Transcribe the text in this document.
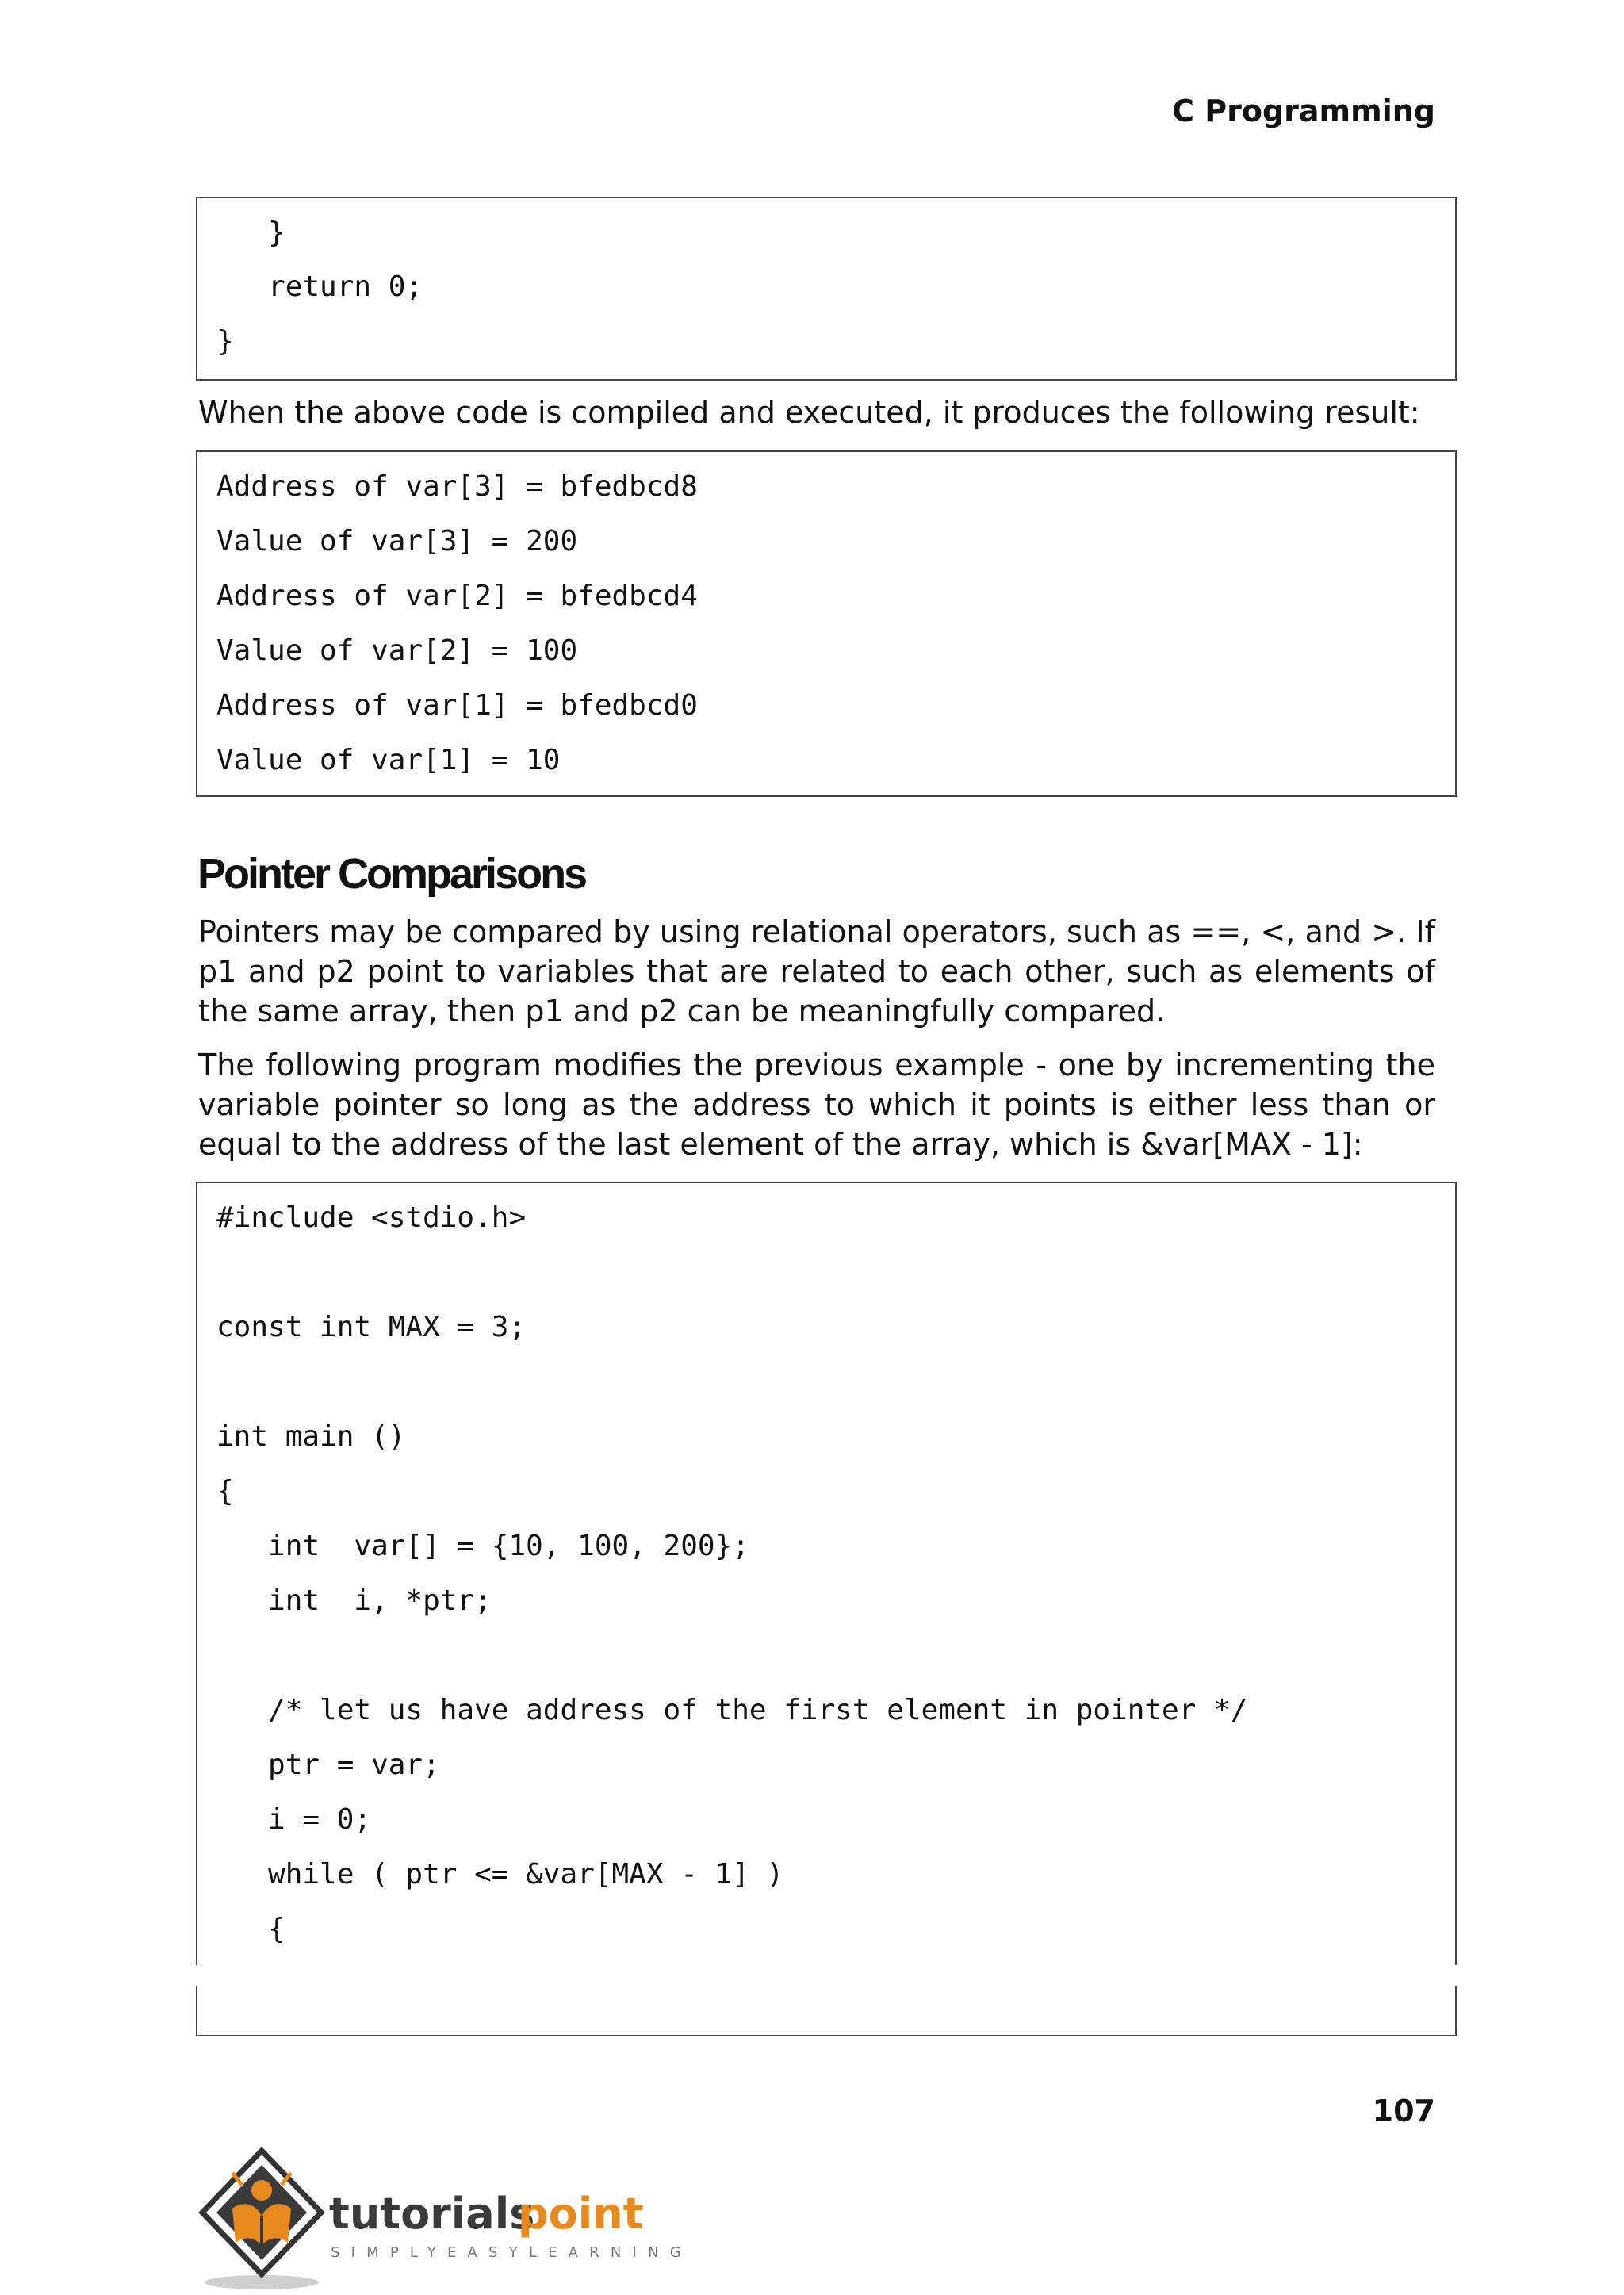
C Programming
}
return 0;
}
When the above code is compiled and executed, it produces the following result:
Address of var[3] = bfedbcd8
Value of var[3] = 200
Address of var[2] = bfedbcd4
Value of var[2] = 100
Address of var[1] = bfedbcd0
Value of var[1] = 10
Pointer Comparisons
Pointers may be compared by using relational operators, such as ==, <, and >. If p1 and p2 point to variables that are related to each other, such as elements of the same array, then p1 and p2 can be meaningfully compared.
The following program modifies the previous example - one by incrementing the variable pointer so long as the address to which it points is either less than or equal to the address of the last element of the array, which is &var[MAX - 1]:
#include <stdio.h>
const int MAX = 3;
int main ()
{
int  var[] = {10, 100, 200};
int  i, *ptr;
/* let us have address of the first element in pointer */
ptr = var;
i = 0;
while ( ptr <= &var[MAX - 1] )
{
107
tutorials
point
SIMPLYEASYLEARNING
